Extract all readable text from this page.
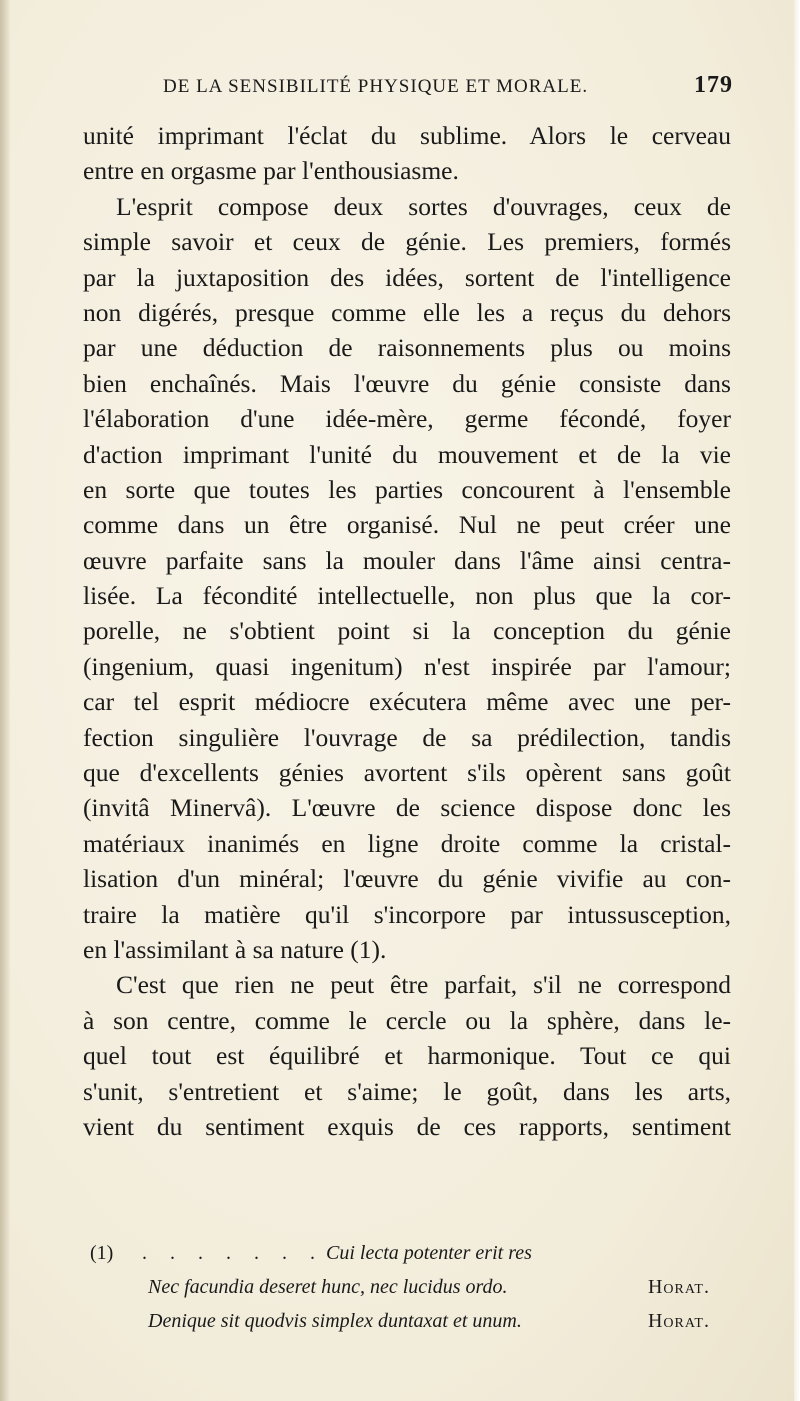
DE LA SENSIBILITÉ PHYSIQUE ET MORALE.	179
unité imprimant l'éclat du sublime. Alors le cerveau
entre en orgasme par l'enthousiasme.
L'esprit compose deux sortes d'ouvrages, ceux de
simple savoir et ceux de génie. Les premiers, formés
par la juxtaposition des idées, sortent de l'intelligence
non digérés, presque comme elle les a reçus du dehors
par une déduction de raisonnements plus ou moins
bien enchaînés. Mais l'œuvre du génie consiste dans
l'élaboration d'une idée-mère, germe fécondé, foyer
d'action imprimant l'unité du mouvement et de la vie
en sorte que toutes les parties concourent à l'ensemble
comme dans un être organisé. Nul ne peut créer une
œuvre parfaite sans la mouler dans l'âme ainsi centra-
lisée. La fécondité intellectuelle, non plus que la cor-
porelle, ne s'obtient point si la conception du génie
(ingenium, quasi ingenitum) n'est inspirée par l'amour;
car tel esprit médiocre exécutera même avec une per-
fection singulière l'ouvrage de sa prédilection, tandis
que d'excellents génies avortent s'ils opèrent sans goût
(invitâ Minervâ). L'œuvre de science dispose donc les
matériaux inanimés en ligne droite comme la cristal-
lisation d'un minéral; l'œuvre du génie vivifie au con-
traire la matière qu'il s'incorpore par intussusception,
en l'assimilant à sa nature (1).
C'est que rien ne peut être parfait, s'il ne correspond
à son centre, comme le cercle ou la sphère, dans le-
quel tout est équilibré et harmonique. Tout ce qui
s'unit, s'entretient et s'aime; le goût, dans les arts,
vient du sentiment exquis de ces rapports, sentiment
(1) . . . . . . . Cui lecta potenter erit res
Nec facundia deseret hunc, nec lucidus ordo.	Horat.
Denique sit quodvis simplex duntaxat et unum.	Horat.
